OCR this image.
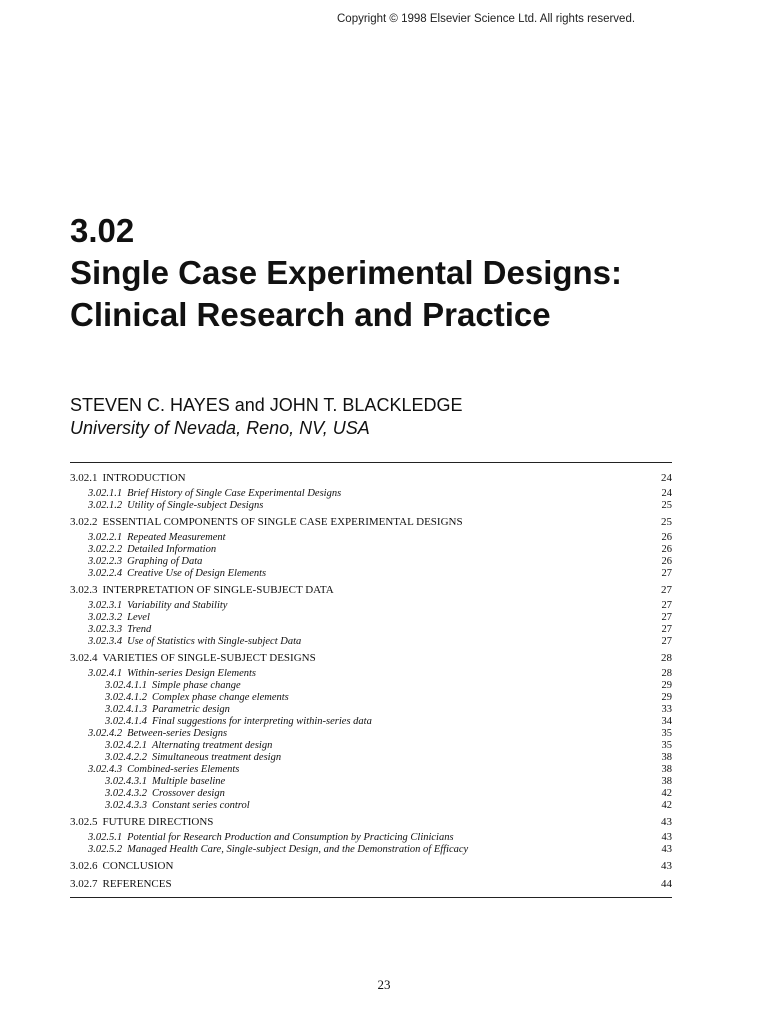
Copyright © 1998 Elsevier Science Ltd. All rights reserved.
3.02
Single Case Experimental Designs: Clinical Research and Practice
STEVEN C. HAYES and JOHN T. BLACKLEDGE
University of Nevada, Reno, NV, USA
3.02.1 INTRODUCTION	24
3.02.1.1 Brief History of Single Case Experimental Designs	24
3.02.1.2 Utility of Single-subject Designs	25
3.02.2 ESSENTIAL COMPONENTS OF SINGLE CASE EXPERIMENTAL DESIGNS	25
3.02.2.1 Repeated Measurement	26
3.02.2.2 Detailed Information	26
3.02.2.3 Graphing of Data	26
3.02.2.4 Creative Use of Design Elements	27
3.02.3 INTERPRETATION OF SINGLE-SUBJECT DATA	27
3.02.3.1 Variability and Stability	27
3.02.3.2 Level	27
3.02.3.3 Trend	27
3.02.3.4 Use of Statistics with Single-subject Data	27
3.02.4 VARIETIES OF SINGLE-SUBJECT DESIGNS	28
3.02.4.1 Within-series Design Elements	28
3.02.4.1.1 Simple phase change	29
3.02.4.1.2 Complex phase change elements	29
3.02.4.1.3 Parametric design	33
3.02.4.1.4 Final suggestions for interpreting within-series data	34
3.02.4.2 Between-series Designs	35
3.02.4.2.1 Alternating treatment design	35
3.02.4.2.2 Simultaneous treatment design	38
3.02.4.3 Combined-series Elements	38
3.02.4.3.1 Multiple baseline	38
3.02.4.3.2 Crossover design	42
3.02.4.3.3 Constant series control	42
3.02.5 FUTURE DIRECTIONS	43
3.02.5.1 Potential for Research Production and Consumption by Practicing Clinicians	43
3.02.5.2 Managed Health Care, Single-subject Design, and the Demonstration of Efficacy	43
3.02.6 CONCLUSION	43
3.02.7 REFERENCES	44
23
